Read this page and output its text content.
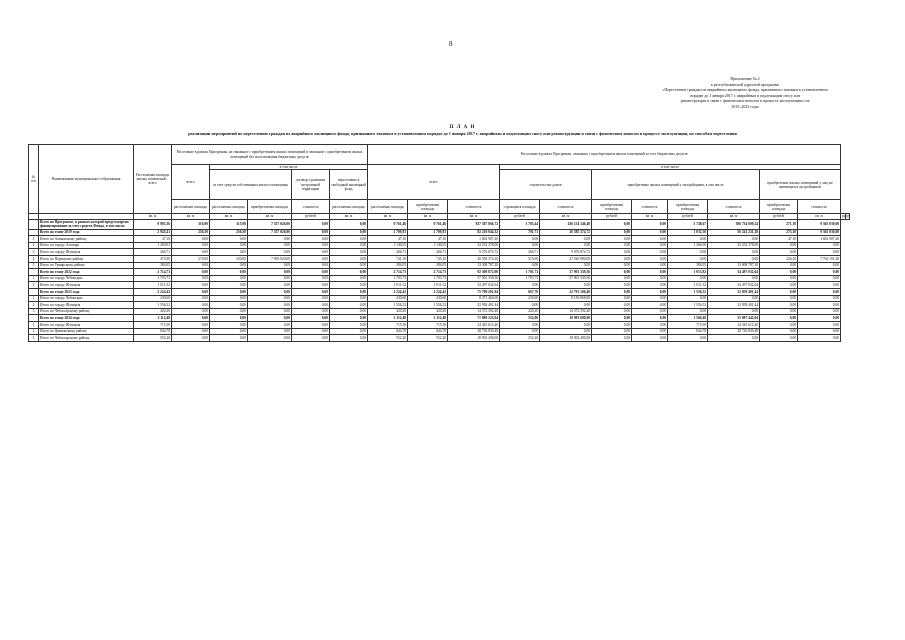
8
Приложение № 2
к республиканской адресной программе
«Переселение граждан из аварийного жилищного фонда, признанного таковым в установленном
порядке до 1 января 2017 г. аварийным и подлежащим сносу или
реконструкции в связи с физическим износом в процессе эксплуатации» на
2019–2025 годы
П Л А Н
реализации мероприятий по переселению граждан из аварийного жилищного фонда, признанного таковым в установленном порядке до 1 января 2017 г. аварийным и подлежащим сносу или реконструкции в связи с физическим износом в процессе эксплуатации, по способам переселения
№ п/п	Наименование муниципального образования	Расселяемая площадь жилых помещений – всего	Расселение в рамках Программы, не связанное с приобретением жилых помещений и связанное с приобретением жилых помещений без использования бюджетных средств					Расселение в рамках Программы, связанное с приобретением жилых помещений за счет бюджетных средств												
			всего	в том числе				всего			в том числе									
				за счет средств собственника жилого помещения		договор о развитии застроенной территории	переселение в свободный жилищный фонд				строительство домов		приобретение жилых помещений у застройщиков, в том числе				приобретение жилых помещений у лиц, не являющихся застройщиком			
			расселяемая площадь	расселяемая площадь	приобретаемая площадь	стоимость	расселяемая площадь	расселяемая площадь	приобретаемая площадь	стоимость	строящаяся площадь	стоимость	приобретаемая площадь	стоимость	приобретаемая площадь	стоимость	приобретаемая площадь	стоимость		
		кв. м	кв. м	кв. м	кв. м	рублей	кв. м	кв. м	кв. м	кв. м	рублей	кв. м	рублей	кв. м	рублей	кв. м	рублей	кв. м	р	р
	Всего по Программе, в рамках которой предусмотрено финансирование за счет средств Фонда, в том числе	9 983,36	316,90	315,90	7 557 026,00	0,00	0,00	9 761,46	9 761,46	837 387 066,72	3 785,44	436 154 346,48	0,00	0,00	5 748,67	386 734 699,24	271,18	9 365 030,00		
	Всего по этапу 2019 года	2 945,41	256,50	256,50	7 557 026,00	0,00	0,00	2 709,81	2 709,81	82 210 044,32	701,71	26 585 374,72	0,00	0,00	1 032,50	56 241 231,20	273,10	9 365 030,00		
1	Итого по Аликовскому району	47,10	0,00	0,00	0,00	0,00	0,00	47,10	47,10	1 602 907,20	0,00	0,00	0,00	0,00	0,00	0,00	47,10	1 602 907,20		
2	Итого по городу Алатырь	1 269,03	0,00	0,00	0,00	0,00	0,00	1 140,03	1 140,03	43 252 378,00	0,00	0,00	0,00	0,00	1 266,00	43 252 378,00	0,00	0,00		
3	Итого по городу Шумерля	266,71	0,00	0,00	0,00	0,00	0,00	266,71	266,71	9 276 874,72	266,71	9 076 874,72	0,00	0,00	0,00	0,00	0,00	0,00		
4	Итого по Порецкому району	475,00	270,00	230,00	7 093 020,00	0,00	0,00	741,10	745,10	28 558 374,20	515,00	27 526 980,00	0,00	0,00	0,00	0,00	226,20	7 762 191,20		
5	Итого по Урмарскому району	384,05	0,00	0,00	0,00	0,00	0,00	384,05	384,05	13 308 787,20	0,00	0,00	0,00	0,00	384,05	13 008 787,20	0,00	0,00		
	Всего по этапу 2022 года	2 714,73	0,00	0,00	0,00	0,00	0,00	2 714,73	2 714,73	92 309 872,00	1 701,73	57 901 339,56	0,00	0,00	1 013,82	34 497 032,64	0,00	0,00		
1	Итого по городу Чебоксары	1 703,73	0,00	0,00	0,00	0,00	0,00	1 703,73	1 703,73	57 901 339,56	1 703,73	57 901 339,56	0,00	0,00	0,00	0,00	0,00	0,00		
2	Итого по городу Шумерля	1 011,52	0,00	0,00	0,00	0,00	0,00	1 011,52	1 011,52	34 497 032,64	0,00	0,00	0,00	0,00	1 011,52	34 497 032,64	0,00	0,00		
	Всего по этапу 2023 года	2 224,42	0,00	0,00	0,00	0,00	0,00	2 224,42	2 224,42	75 709 261,84	667,70	22 791 166,40	0,00	0,00	1 556,52	52 958 401,44	0,00	0,00		
1	Итого по городу Чебоксары	230,60	0,00	0,00	0,00	0,00	0,00	230,60	230,60	8 371 464,00	230,60	8 156 868,00	0,00	0,00	0,00	0,00	0,00	0,00		
2	Итого по городу Шумерля	1 556,52	0,00	0,00	0,00	0,00	0,00	1 556,52	1 556,52	52 958 401,44	0,00	0,00	0,00	0,00	1 556,52	52 958 401,44	0,00	0,00		
3	Итого по Чебоксарскому району	420,20	0,00	0,00	0,00	0,00	0,00	420,20	420,20	14 372 392,40	420,20	14 372 392,40	0,00	0,00	0,00	0,00	0,00	0,00		
	Всего по этапу 2024 года	2 112,48	0,00	0,00	0,00	0,00	0,00	2 112,48	2 112,48	71 880 223,04	552,00	18 981 680,00	0,00	0,00	1 560,48	53 097 442,04	0,00	0,00		
1	Итого по городу Шумерля	715,50	0,00	0,00	0,00	0,00	0,00	715,50	715,50	24 345 612,40	0,00	0,00	0,00	0,00	715,50	24 345 612,40	0,00	0,00		
2	Итого по Цивильскому району	844,78	0,00	0,00	0,00	0,00	0,00	844,78	844,78	28 736 839,48	0,00	0,00	0,00	0,00	844,78	28 736 839,48	0,00	0,00		
3	Итого по Чебоксарскому району	552,20	0,00	0,00	0,00	0,00	0,00	552,20	552,20	18 902 400,00	552,20	18 902 400,00	0,00	0,00	0,00	0,00	0,00	0,00		
